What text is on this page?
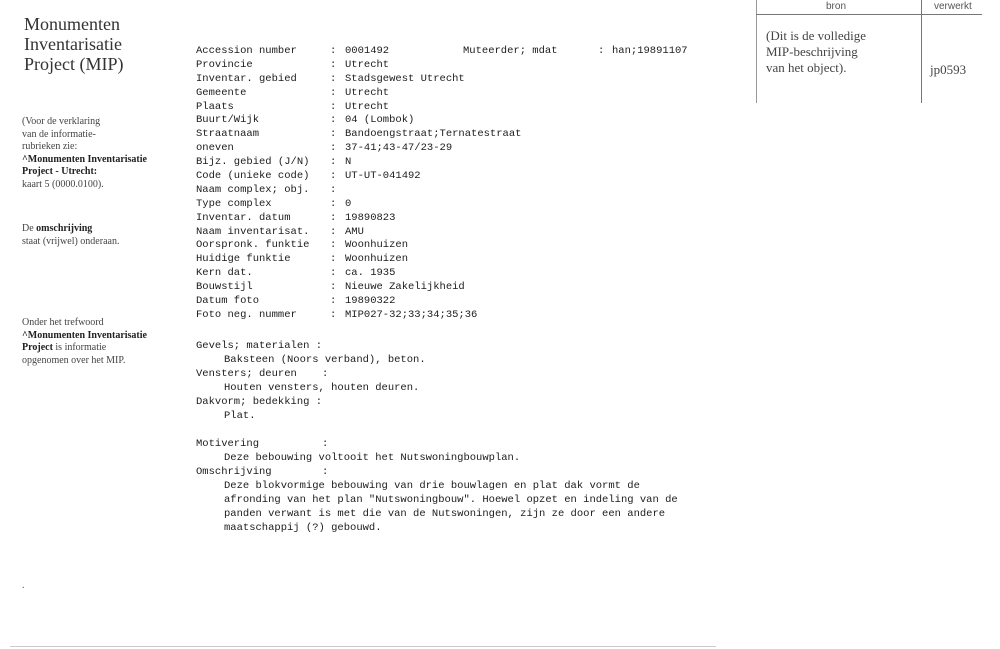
Monumenten
Inventarisatie
Project (MIP)
(Voor de verklaring
van de informatie-
rubrieken zie:
^Monumenten Inventarisatie
Project - Utrecht:
kaart 5 (0000.0100).
De omschrijving
staat (vrijwel) onderaan.
Onder het trefwoord
^Monumenten Inventarisatie
Project is informatie
opgenomen over het MIP.
bron	verwerkt
(Dit is de volledige
MIP-beschrijving
van het object).	jp0593
Accession number	: 0001492	Muteerder; mdat	: han;19891107
Provincie	: Utrecht
Inventar. gebied	: Stadsgewest Utrecht
Gemeente	: Utrecht
Plaats	: Utrecht
Buurt/Wijk	: 04 (Lombok)
Straatnaam	: Bandoengstraat;Ternatestraat
oneven	: 37-41;43-47/23-29
Bijz. gebied (J/N) : N
Code (unieke code) : UT-UT-041492
Naam complex; obj. :
Type complex	: 0
Inventar. datum	: 19890823
Naam inventarisat. : AMU
Oorspronk. funktie : Woonhuizen
Huidige funktie	: Woonhuizen
Kern dat.	: ca. 1935
Bouwstijl	: Nieuwe Zakelijkheid
Datum foto	: 19890322
Foto neg. nummer	: MIP027-32;33;34;35;36
Gevels; materialen :
Baksteen (Noors verband), beton.
Vensters; deuren    :
Houten vensters, houten deuren.
Dakvorm; bedekking :
Plat.
Motivering          :
Deze bebouwing voltooit het Nutswoningbouwplan.
Omschrijving        :
Deze blokvormige bebouwing van drie bouwlagen en plat dak vormt de
afronding van het plan "Nutswoningbouw". Hoewel opzet en indeling van de
panden verwant is met die van de Nutswoningen, zijn ze door een andere
maatschappij (?) gebouwd.
.
